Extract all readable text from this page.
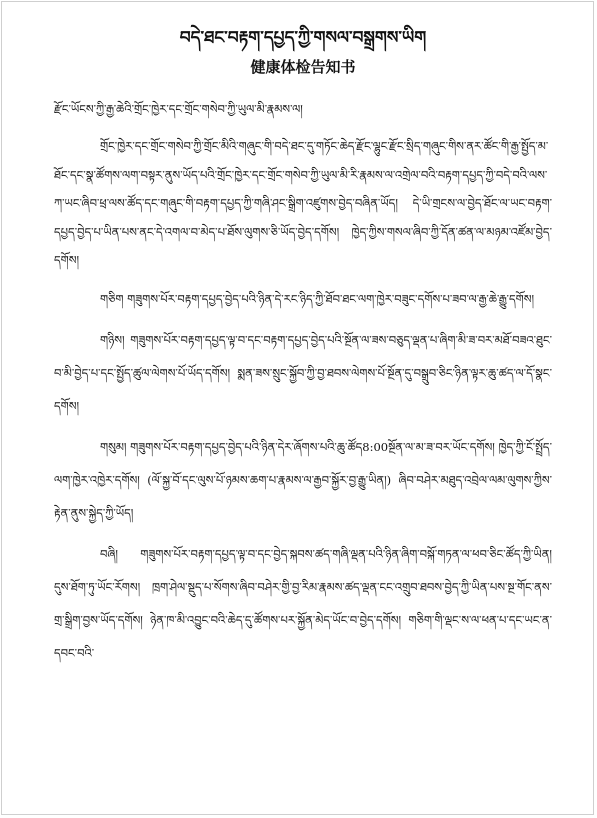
བདེ་ཐང་བརྟག་དཔྱད་ཀྱི་གསལ་བསྒྲགས་ཡིག
健康体检告知书

རྫོང་ཡོངས་ཀྱི་རྒྱ་ཆེའི་གྲོང་ཁྱེར་དང་གྲོང་གསེབ་ཀྱི་ཡུལ་མི་རྣམས་ལ།

གྲོང་ཁྱེར་དང་གྲོང་གསེབ་ཀྱི་གྲོང་མིའི་གཞུང་གི་བདེ་ཐང་དུ་གཏོང་ཆེད་རྫོང་ལྷུང་རྫོང་སྲིད་གཞུང་གིས་ནར་ཚོང་གི་རྒྱ་སྤྱོད་མ་ཐོང་དང་སྣ་ཚོགས་ལག་བསྟར་ནུས་ཡོད་པའི་གྲོང་ཁྱེར་དང་གྲོང་གསེབ་ཀྱི་ཡུལ་མི་རི་རྣམས་ལ་འགྲེལ་བའི་བརྟག་དཔྱད་ཀྱི་བདེ་བའི་ལས་ཀ་ཡང་ཞིབ་ཕྲ་ལས་ཚོད་དང་གཞུང་གི་བརྟག་དཔྱད་ཀྱི་གཞི་ཤང་སྒྲིག་འཛུགས་བྱེད་བཞིན་ཡོད། དེ་ཡི་གྲངས་ལ་བྱེད་ཐོང་ལ་ཡང་བརྟག་དཔྱད་བྱེད་པ་ཡིན་པས་ནང་དེ་འགལ་བ་མེད་པ་ཐོས་ལུགས་ཅི་ཡོད་བྱེད་དགོས། ཁྱེད་ཀྱིས་གསལ་ཞིབ་ཀྱི་དོན་ཚན་ལ་མཉམ་འཛོམ་བྱེད་དགོས།

གཅིག གཟུགས་པོར་བརྟག་དཔྱད་བྱེད་པའི་ཉིན་དེ་རང་ཉིད་ཀྱི་ཐོབ་ཐང་ལག་ཁྱེར་བཟུང་དགོས་པ་ཟབ་ལ་རྒྱ་ཆེ་རྒྱུ་དགོས།

གཉིས། གཟུགས་པོར་བརྟག་དཔྱད་ལྟ་བ་དང་བརྟག་དཔྱད་བྱེད་པའི་སྔོན་ལ་ཟས་བཅུད་ལྡན་པ་ཞིག་མི་ཟ་བར་མཐོ་བཟའ་ཐུང་བ་མི་བྱེད་པ་དང་སྤྱོད་ཚུལ་ལེགས་པོ་ཡོད་དགོས། སྨན་ཟས་སྲུང་སྐྱོབ་ཀྱི་བྱ་ཐབས་ལེགས་པོ་སྔོན་དུ་བསྒྲུབ་ཅིང་ཉིན་ལྟར་ཆུ་ཚད་ལ་དོ་སྣང་དགོས།

གསུམ། གཟུགས་པོར་བརྟག་དཔྱད་བྱེད་པའི་ཉིན་དེར་ཞོགས་པའི་ཆུ་ཚོད8:00སྔོན་ལ་མ་ཟ་བར་ཡོང་དགོས། ཁྱེད་ཀྱི་ངོ་སྤྲོད་ལག་ཁྱེར་འཁྱེར་དགོས། (ལོ་སྐྱ་བོ་དང་ལུས་པོ་ཉམས་ཆག་པ་རྣམས་ལ་རྒྱབ་སྐྱོར་བྱ་རྒྱུ་ཡིན།) ཞིབ་བཤེར་མཐུད་འབྲེལ་ལམ་ལུགས་ཀྱིས་རྟེན་ནུས་སྐྱེད་ཀྱི་ཡོད།

བཞི། གཟུགས་པོར་བརྟག་དཔྱད་ལྟ་བ་དང་བྱེད་སྐབས་ཚད་གཞི་ལྡན་པའི་ཉིན་ཞིག་བསྐོ་གཏན་ལ་ཕབ་ཅིང་ཚོད་ཀྱི་ཡིན། དུས་ཐོག་ཏུ་ཡོང་རོགས། ཁྲག་ཤེལ་སྡུད་པ་སོགས་ཞིབ་བཤེར་གྱི་བྱ་རིམ་རྣམས་ཚད་ལྡན་ངང་འགྲུབ་ཐབས་བྱེད་ཀྱི་ཡིན་པས་སྔ་གོང་ནས་གྲ་སྒྲིག་བྱས་ཡོད་དགོས། ཉེན་ཁ་མི་འབྱུང་བའི་ཆེད་དུ་ཚོགས་པར་སྐྱོན་མེད་ཡོང་བ་བྱེད་དགོས། གཅིག་གི་ལྡང་ས་ལ་ཕན་པ་དང་ཡང་ན་དབང་བའི་
